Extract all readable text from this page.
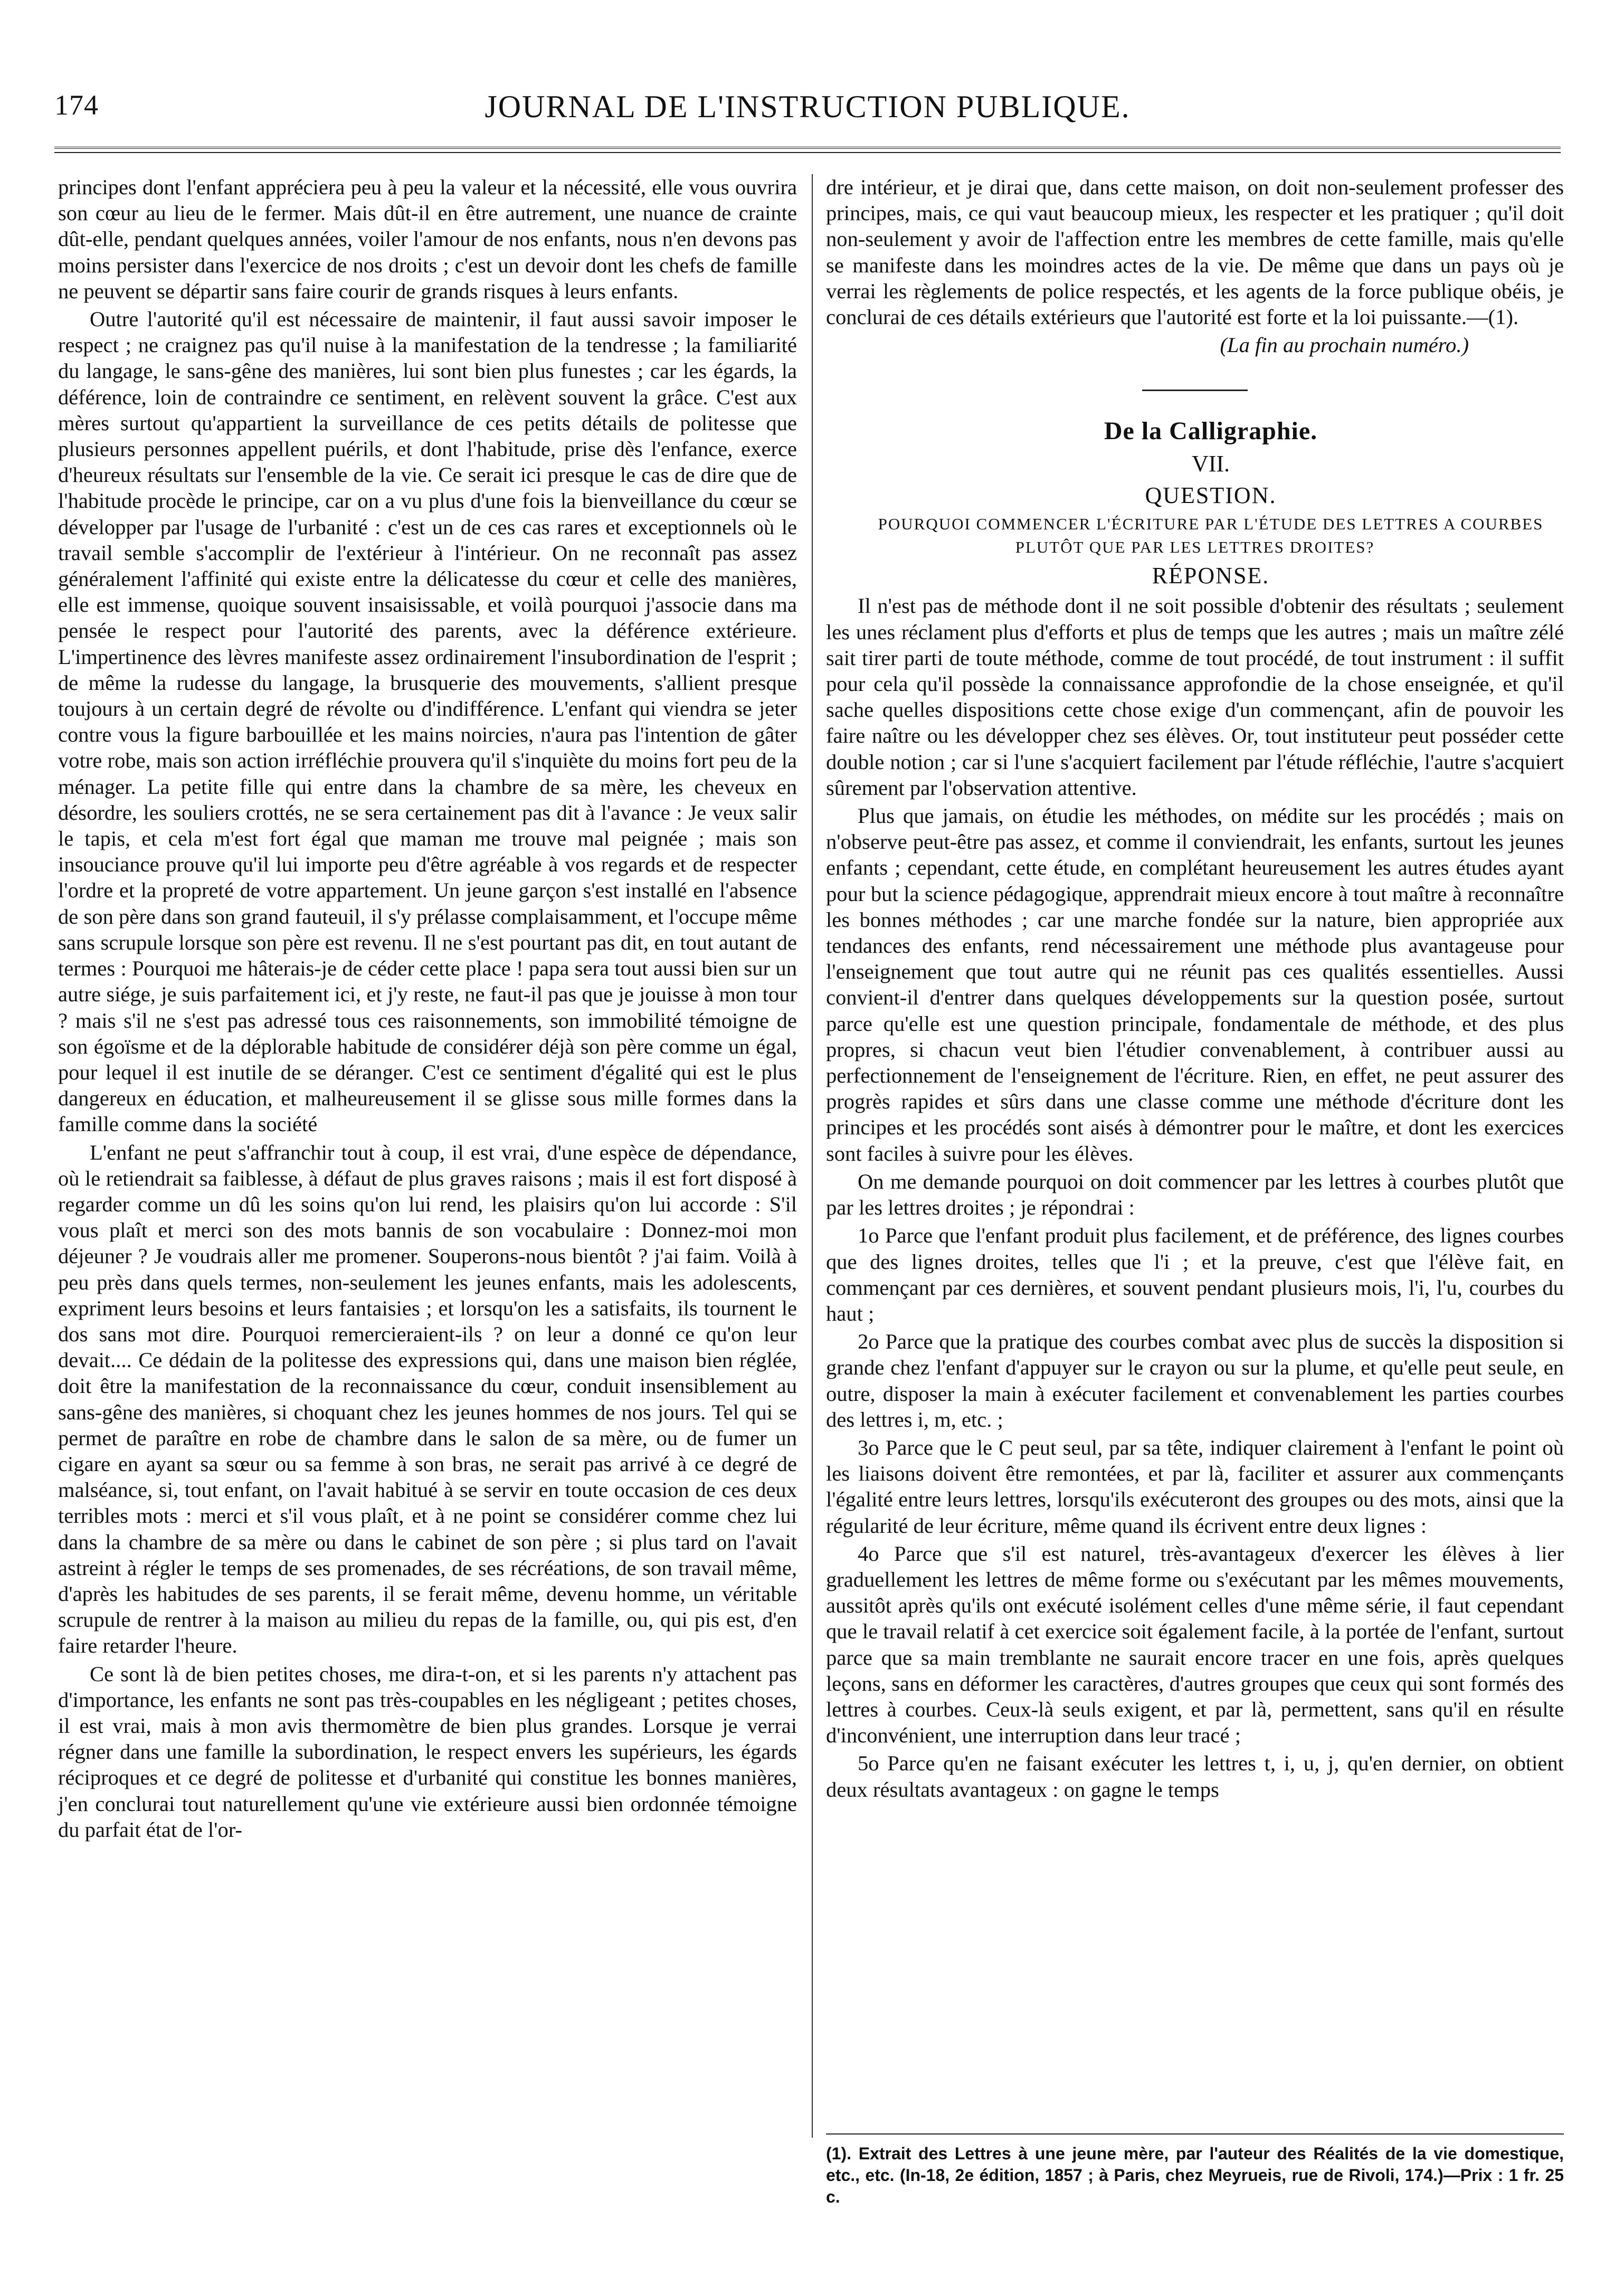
174	JOURNAL DE L'INSTRUCTION PUBLIQUE.

principes dont l'enfant appréciera peu à peu la valeur et la nécessité, elle vous ouvrira son cœur au lieu de le fermer. Mais dût-il en être autrement, une nuance de crainte dût-elle, pendant quelques années, voiler l'amour de nos enfants, nous n'en devons pas moins persister dans l'exercice de nos droits ; c'est un devoir dont les chefs de famille ne peuvent se départir sans faire courir de grands risques à leurs enfants.

Outre l'autorité qu'il est nécessaire de maintenir, il faut aussi savoir imposer le respect ; ne craignez pas qu'il nuise à la manifestation de la tendresse ; la familiarité du langage, le sans-gêne des manières, lui sont bien plus funestes ; car les égards, la déférence, loin de contraindre ce sentiment, en relèvent souvent la grâce. C'est aux mères surtout qu'appartient la surveillance de ces petits détails de politesse que plusieurs personnes appellent puérils, et dont l'habitude, prise dès l'enfance, exerce d'heureux résultats sur l'ensemble de la vie. Ce serait ici presque le cas de dire que de l'habitude procède le principe, car on a vu plus d'une fois la bienveillance du cœur se développer par l'usage de l'urbanité : c'est un de ces cas rares et exceptionnels où le travail semble s'accomplir de l'extérieur à l'intérieur. On ne reconnaît pas assez généralement l'affinité qui existe entre la délicatesse du cœur et celle des manières, elle est immense, quoique souvent insaisissable, et voilà pourquoi j'associe dans ma pensée le respect pour l'autorité des parents, avec la déférence extérieure. L'impertinence des lèvres manifeste assez ordinairement l'insubordination de l'esprit ; de même la rudesse du langage, la brusquerie des mouvements, s'allient presque toujours à un certain degré de révolte ou d'indifférence. L'enfant qui viendra se jeter contre vous la figure barbouillée et les mains noircies, n'aura pas l'intention de gâter votre robe, mais son action irréfléchie prouvera qu'il s'inquiète du moins fort peu de la ménager. La petite fille qui entre dans la chambre de sa mère, les cheveux en désordre, les souliers crottés, ne se sera certainement pas dit à l'avance : Je veux salir le tapis, et cela m'est fort égal que maman me trouve mal peignée ; mais son insouciance prouve qu'il lui importe peu d'être agréable à vos regards et de respecter l'ordre et la propreté de votre appartement. Un jeune garçon s'est installé en l'absence de son père dans son grand fauteuil, il s'y prélasse complaisamment, et l'occupe même sans scrupule lorsque son père est revenu. Il ne s'est pourtant pas dit, en tout autant de termes : Pourquoi me hâterais-je de céder cette place ! papa sera tout aussi bien sur un autre siége, je suis parfaitement ici, et j'y reste, ne faut-il pas que je jouisse à mon tour ? mais s'il ne s'est pas adressé tous ces raisonnements, son immobilité témoigne de son égoïsme et de la déplorable habitude de considérer déjà son père comme un égal, pour lequel il est inutile de se déranger. C'est ce sentiment d'égalité qui est le plus dangereux en éducation, et malheureusement il se glisse sous mille formes dans la famille comme dans la société

L'enfant ne peut s'affranchir tout à coup, il est vrai, d'une espèce de dépendance, où le retiendrait sa faiblesse, à défaut de plus graves raisons ; mais il est fort disposé à regarder comme un dû les soins qu'on lui rend, les plaisirs qu'on lui accorde : S'il vous plaît et merci son des mots bannis de son vocabulaire : Donnez-moi mon déjeuner ? Je voudrais aller me promener. Souperons-nous bientôt ? j'ai faim. Voilà à peu près dans quels termes, non-seulement les jeunes enfants, mais les adolescents, expriment leurs besoins et leurs fantaisies ; et lorsqu'on les a satisfaits, ils tournent le dos sans mot dire. Pourquoi remercieraient-ils ? on leur a donné ce qu'on leur devait.... Ce dédain de la politesse des expressions qui, dans une maison bien réglée, doit être la manifestation de la reconnaissance du cœur, conduit insensiblement au sans-gêne des manières, si choquant chez les jeunes hommes de nos jours. Tel qui se permet de paraître en robe de chambre dans le salon de sa mère, ou de fumer un cigare en ayant sa sœur ou sa femme à son bras, ne serait pas arrivé à ce degré de malséance, si, tout enfant, on l'avait habitué à se servir en toute occasion de ces deux terribles mots : merci et s'il vous plaît, et à ne point se considérer comme chez lui dans la chambre de sa mère ou dans le cabinet de son père ; si plus tard on l'avait astreint à régler le temps de ses promenades, de ses récréations, de son travail même, d'après les habitudes de ses parents, il se ferait même, devenu homme, un véritable scrupule de rentrer à la maison au milieu du repas de la famille, ou, qui pis est, d'en faire retarder l'heure.

Ce sont là de bien petites choses, me dira-t-on, et si les parents n'y attachent pas d'importance, les enfants ne sont pas très-coupables en les négligeant ; petites choses, il est vrai, mais à mon avis thermomètre de bien plus grandes. Lorsque je verrai régner dans une famille la subordination, le respect envers les supérieurs, les égards réciproques et ce degré de politesse et d'urbanité qui constitue les bonnes manières, j'en conclurai tout naturellement qu'une vie extérieure aussi bien ordonnée témoigne du parfait état de l'or-

dre intérieur, et je dirai que, dans cette maison, on doit non-seulement professer des principes, mais, ce qui vaut beaucoup mieux, les respecter et les pratiquer ; qu'il doit non-seulement y avoir de l'affection entre les membres de cette famille, mais qu'elle se manifeste dans les moindres actes de la vie. De même que dans un pays où je verrai les règlements de police respectés, et les agents de la force publique obéis, je conclurai de ces détails extérieurs que l'autorité est forte et la loi puissante.—(1).

(La fin au prochain numéro.)

De la Calligraphie.

VII.

QUESTION.

POURQUOI COMMENCER L'ÉCRITURE PAR L'ÉTUDE DES LETTRES A COURBES PLUTÔT QUE PAR LES LETTRES DROITES?

RÉPONSE.

Il n'est pas de méthode dont il ne soit possible d'obtenir des résultats ; seulement les unes réclament plus d'efforts et plus de temps que les autres ; mais un maître zélé sait tirer parti de toute méthode, comme de tout procédé, de tout instrument : il suffit pour cela qu'il possède la connaissance approfondie de la chose enseignée, et qu'il sache quelles dispositions cette chose exige d'un commençant, afin de pouvoir les faire naître ou les développer chez ses élèves. Or, tout instituteur peut posséder cette double notion ; car si l'une s'acquiert facilement par l'étude réfléchie, l'autre s'acquiert sûrement par l'observation attentive.

Plus que jamais, on étudie les méthodes, on médite sur les procédés ; mais on n'observe peut-être pas assez, et comme il conviendrait, les enfants, surtout les jeunes enfants ; cependant, cette étude, en complétant heureusement les autres études ayant pour but la science pédagogique, apprendrait mieux encore à tout maître à reconnaître les bonnes méthodes ; car une marche fondée sur la nature, bien appropriée aux tendances des enfants, rend nécessairement une méthode plus avantageuse pour l'enseignement que tout autre qui ne réunit pas ces qualités essentielles. Aussi convient-il d'entrer dans quelques développements sur la question posée, surtout parce qu'elle est une question principale, fondamentale de méthode, et des plus propres, si chacun veut bien l'étudier convenablement, à contribuer aussi au perfectionnement de l'enseignement de l'écriture. Rien, en effet, ne peut assurer des progrès rapides et sûrs dans une classe comme une méthode d'écriture dont les principes et les procédés sont aisés à démontrer pour le maître, et dont les exercices sont faciles à suivre pour les élèves.

On me demande pourquoi on doit commencer par les lettres à courbes plutôt que par les lettres droites ; je répondrai :

1o Parce que l'enfant produit plus facilement, et de préférence, des lignes courbes que des lignes droites, telles que l'i ; et la preuve, c'est que l'élève fait, en commençant par ces dernières, et souvent pendant plusieurs mois, l'i, l'u, courbes du haut ;

2o Parce que la pratique des courbes combat avec plus de succès la disposition si grande chez l'enfant d'appuyer sur le crayon ou sur la plume, et qu'elle peut seule, en outre, disposer la main à exécuter facilement et convenablement les parties courbes des lettres i, m, etc. ;

3o Parce que le C peut seul, par sa tête, indiquer clairement à l'enfant le point où les liaisons doivent être remontées, et par là, faciliter et assurer aux commençants l'égalité entre leurs lettres, lorsqu'ils exécuteront des groupes ou des mots, ainsi que la régularité de leur écriture, même quand ils écrivent entre deux lignes :

4o Parce que s'il est naturel, très-avantageux d'exercer les élèves à lier graduellement les lettres de même forme ou s'exécutant par les mêmes mouvements, aussitôt après qu'ils ont exécuté isolément celles d'une même série, il faut cependant que le travail relatif à cet exercice soit également facile, à la portée de l'enfant, surtout parce que sa main tremblante ne saurait encore tracer en une fois, après quelques leçons, sans en déformer les caractères, d'autres groupes que ceux qui sont formés des lettres à courbes. Ceux-là seuls exigent, et par là, permettent, sans qu'il en résulte d'inconvénient, une interruption dans leur tracé ;

5o Parce qu'en ne faisant exécuter les lettres t, i, u, j, qu'en dernier, on obtient deux résultats avantageux : on gagne le temps

(1). Extrait des Lettres à une jeune mère, par l'auteur des Réalités de la vie domestique, etc., etc. (In-18, 2e édition, 1857 ; à Paris, chez Meyrueis, rue de Rivoli, 174.)—Prix : 1 fr. 25 c.
